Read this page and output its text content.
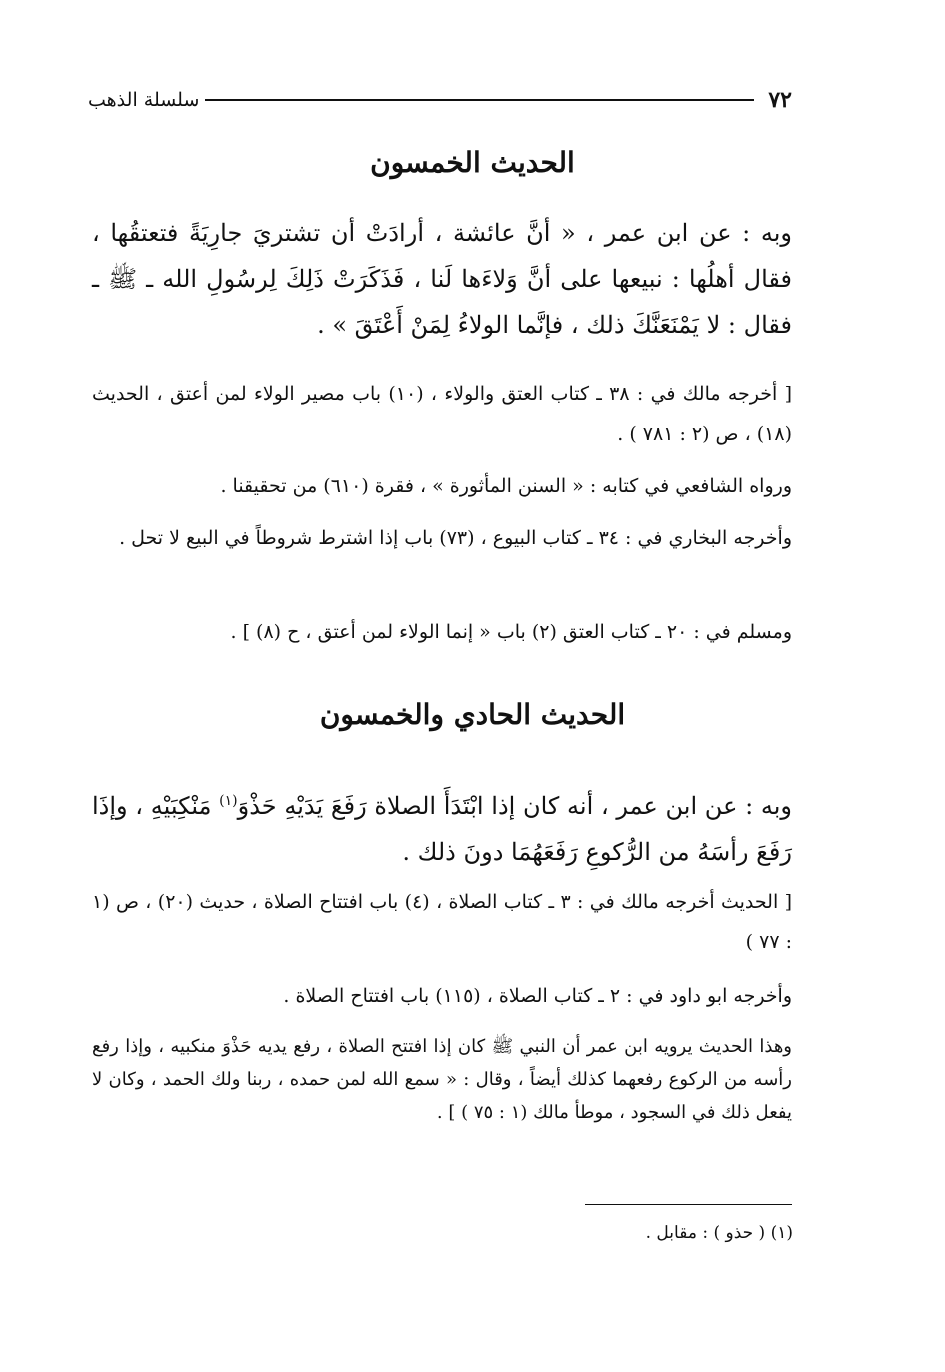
٧٢
سلسلة الذهب
الحديث الخمسون

وبه : عن ابن عمر ، « أنَّ عائشة ، أرادَتْ أن تشتريَ جارِيَةً فتعتقُها ، فقال أهلُها : نبيعها على أنَّ وَلاءَها لَنا ، فَذَكَرَتْ ذَلِكَ لِرسُولِ الله ـ ﷺ ـ فقال : لا يَمْنَعَنَّكَ ذلك ، فإنَّما الولاءُ لِمَنْ أَعْتَقَ » .

[ أخرجه مالك في : ٣٨ ـ كتاب العتق والولاء ، (١٠) باب مصير الولاء لمن أعتق ، الحديث (١٨) ، ص (٢ : ٧٨١ ) .

ورواه الشافعي في كتابه : « السنن المأثورة » ، فقرة (٦١٠) من تحقيقنا .

وأخرجه البخاري في : ٣٤ ـ كتاب البيوع ، (٧٣) باب إذا اشترط شروطاً في البيع لا تحل .

ومسلم في : ٢٠ ـ كتاب العتق (٢) باب « إنما الولاء لمن أعتق ، ح (٨) ] .

الحديث الحادي والخمسون

وبه : عن ابن عمر ، أنه كان إذا ابْتَدَأَ الصلاة رَفَعَ يَدَيْهِ حَذْوَ$^{(١)}$ مَنْكِبَيْهِ ، وإذَا رَفَعَ رأسَهُ من الرُّكوعِ رَفَعَهُمَا دونَ ذلك .

[ الحديث أخرجه مالك في : ٣ ـ كتاب الصلاة ، (٤) باب افتتاح الصلاة ، حديث (٢٠) ، ص (١ : ٧٧ )

وأخرجه ابو داود في : ٢ ـ كتاب الصلاة ، (١١٥) باب افتتاح الصلاة .

وهذا الحديث يرويه ابن عمر أن النبي ﷺ كان إذا افتتح الصلاة ، رفع يديه حَذْوَ منكبيه ، وإذا رفع رأسه من الركوع رفعهما كذلك أيضاً ، وقال : « سمع الله لمن حمده ، ربنا ولك الحمد ، وكان لا يفعل ذلك في السجود ، موطأ مالك (١ : ٧٥ ) ] .

(١) ( حذو ) : مقابل .
